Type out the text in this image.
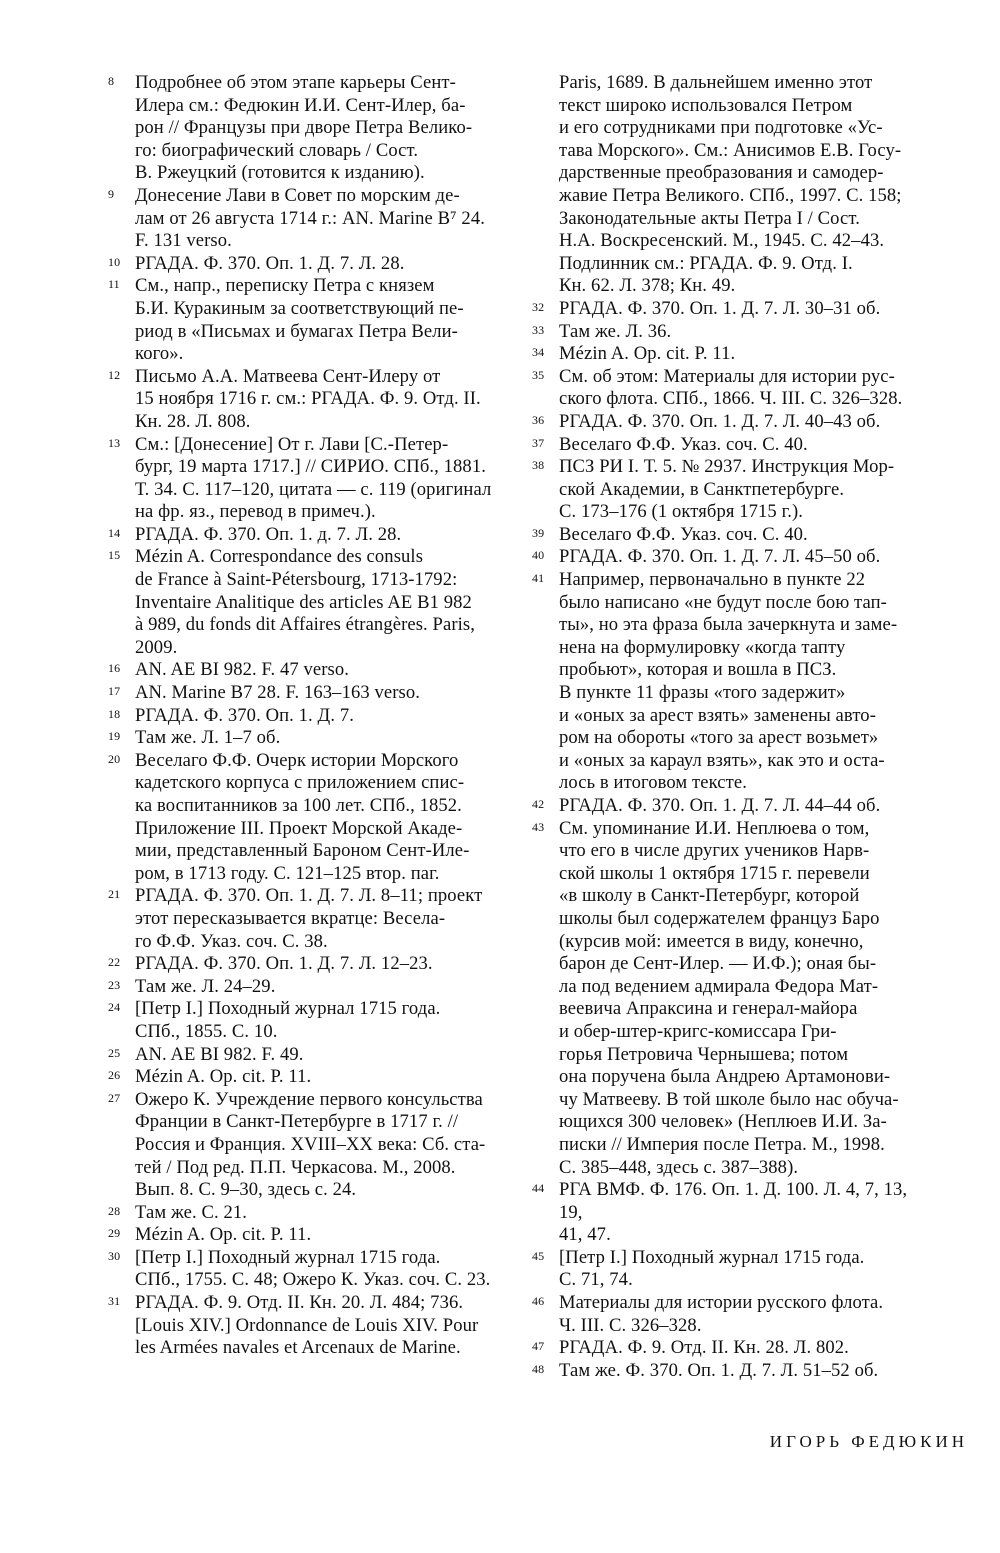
8 Подробнее об этом этапе карьеры Сент-
Илера см.: Федюкин И.И. Сент-Илер, ба-
рон // Французы при дворе Петра Велико-
го: биографический словарь / Сост.
В. Ржеуцкий (готовится к изданию).
9 Донесение Лави в Совет по морским де-
лам от 26 августа 1714 г.: AN. Marine B⁷ 24.
F. 131 verso.
10 РГАДА. Ф. 370. Оп. 1. Д. 7. Л. 28.
11 См., напр., переписку Петра с князем
Б.И. Куракиным за соответствующий пе-
риод в «Письмах и бумагах Петра Вели-
кого».
12 Письмо А.А. Матвеева Сент-Илеру от
15 ноября 1716 г. см.: РГАДА. Ф. 9. Отд. II.
Кн. 28. Л. 808.
13 См.: [Донесение] От г. Лави [С.-Петер-
бург, 19 марта 1717.] // СИРИО. СПб., 1881.
Т. 34. С. 117–120, цитата — с. 119 (оригинал
на фр. яз., перевод в примеч.).
14 РГАДА. Ф. 370. Оп. 1. д. 7. Л. 28.
15 Mézin A. Correspondance des consuls
de France à Saint-Pétersbourg, 1713-1792:
Inventaire Analitique des articles AE B1 982
à 989, du fonds dit Affaires étrangères. Paris,
2009.
16 AN. AE BI 982. F. 47 verso.
17 AN. Marine B7 28. F. 163–163 verso.
18 РГАДА. Ф. 370. Оп. 1. Д. 7.
19 Там же. Л. 1–7 об.
20 Веселаго Ф.Ф. Очерк истории Морского
кадетского корпуса с приложением спис-
ка воспитанников за 100 лет. СПб., 1852.
Приложение III. Проект Морской Акаде-
мии, представленный Бароном Сент-Иле-
ром, в 1713 году. С. 121–125 втор. паг.
21 РГАДА. Ф. 370. Оп. 1. Д. 7. Л. 8–11; проект
этот пересказывается вкратце: Весела-
го Ф.Ф. Указ. соч. С. 38.
22 РГАДА. Ф. 370. Оп. 1. Д. 7. Л. 12–23.
23 Там же. Л. 24–29.
24 [Петр I.] Походный журнал 1715 года.
СПб., 1855. С. 10.
25 AN. AE BI 982. F. 49.
26 Mézin A. Op. cit. P. 11.
27 Ожеро К. Учреждение первого консульства
Франции в Санкт-Петербурге в 1717 г. //
Россия и Франция. XVIII–XX века: Сб. ста-
тей / Под ред. П.П. Черкасова. М., 2008.
Вып. 8. С. 9–30, здесь с. 24.
28 Там же. С. 21.
29 Mézin A. Op. cit. P. 11.
30 [Петр I.] Походный журнал 1715 года.
СПб., 1755. С. 48; Ожеро К. Указ. соч. С. 23.
31 РГАДА. Ф. 9. Отд. II. Кн. 20. Л. 484; 736.
[Louis XIV.] Ordonnance de Louis XIV. Pour
les Armées navales et Arcenaux de Marine.
Paris, 1689. В дальнейшем именно этот
текст широко использовался Петром
и его сотрудниками при подготовке «Ус-
тава Морского». См.: Анисимов Е.В. Госу-
дарственные преобразования и самодер-
жавие Петра Великого. СПб., 1997. С. 158;
Законодательные акты Петра I / Сост.
Н.А. Воскресенский. М., 1945. С. 42–43.
Подлинник см.: РГАДА. Ф. 9. Отд. I.
Кн. 62. Л. 378; Кн. 49.
32 РГАДА. Ф. 370. Оп. 1. Д. 7. Л. 30–31 об.
33 Там же. Л. 36.
34 Mézin A. Op. cit. P. 11.
35 См. об этом: Материалы для истории рус-
ского флота. СПб., 1866. Ч. III. С. 326–328.
36 РГАДА. Ф. 370. Оп. 1. Д. 7. Л. 40–43 об.
37 Веселаго Ф.Ф. Указ. соч. С. 40.
38 ПСЗ РИ I. Т. 5. № 2937. Инструкция Мор-
ской Академии, в Санктпетербурге.
С. 173–176 (1 октября 1715 г.).
39 Веселаго Ф.Ф. Указ. соч. С. 40.
40 РГАДА. Ф. 370. Оп. 1. Д. 7. Л. 45–50 об.
41 Например, первоначально в пункте 22
было написано «не будут после бою тап-
ты», но эта фраза была зачеркнута и заме-
нена на формулировку «когда тапту
пробьют», которая и вошла в ПСЗ.
В пункте 11 фразы «того задержит»
и «оных за арест взять» заменены авто-
ром на обороты «того за арест возьмет»
и «оных за караул взять», как это и оста-
лось в итоговом тексте.
42 РГАДА. Ф. 370. Оп. 1. Д. 7. Л. 44–44 об.
43 См. упоминание И.И. Неплюева о том,
что его в числе других учеников Нарв-
ской школы 1 октября 1715 г. перевели
«в школу в Санкт-Петербург, которой
школы был содержателем француз Баро
(курсив мой: имеется в виду, конечно,
барон де Сент-Илер. — И.Ф.); оная бы-
ла под ведением адмирала Федора Мат-
веевича Апраксина и генерал-майора
и обер-штер-кригс-комиссара Гри-
горья Петровича Чернышева; потом
она поручена была Андрею Артамонови-
чу Матвееву. В той школе было нас обуча-
ющихся 300 человек» (Неплюев И.И. За-
писки // Империя после Петра. М., 1998.
С. 385–448, здесь с. 387–388).
44 РГА ВМФ. Ф. 176. Оп. 1. Д. 100. Л. 4, 7, 13, 19,
41, 47.
45 [Петр I.] Походный журнал 1715 года.
С. 71, 74.
46 Материалы для истории русского флота.
Ч. III. С. 326–328.
47 РГАДА. Ф. 9. Отд. II. Кн. 28. Л. 802.
48 Там же. Ф. 370. Оп. 1. Д. 7. Л. 51–52 об.
ИГОРЬ ФЕДЮКИН
